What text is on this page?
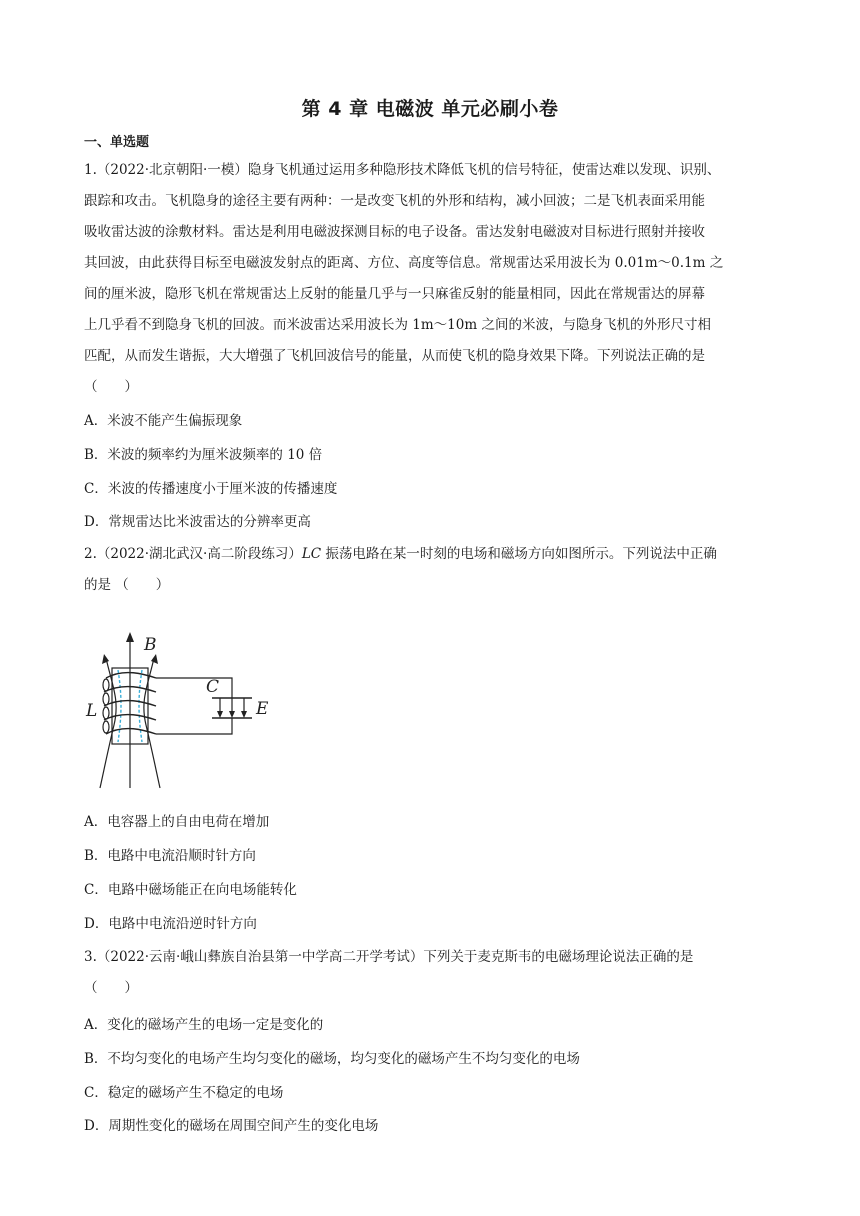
第 4 章 电磁波 单元必刷小卷
一、单选题
1.（2022·北京朝阳·一模）隐身飞机通过运用多种隐形技术降低飞机的信号特征，使雷达难以发现、识别、
跟踪和攻击。飞机隐身的途径主要有两种：一是改变飞机的外形和结构，减小回波；二是飞机表面采用能
吸收雷达波的涂敷材料。雷达是利用电磁波探测目标的电子设备。雷达发射电磁波对目标进行照射并接收
其回波，由此获得目标至电磁波发射点的距离、方位、高度等信息。常规雷达采用波长为 0.01m～0.1m 之
间的厘米波，隐形飞机在常规雷达上反射的能量几乎与一只麻雀反射的能量相同，因此在常规雷达的屏幕
上几乎看不到隐身飞机的回波。而米波雷达采用波长为 1m～10m 之间的米波，与隐身飞机的外形尺寸相
匹配，从而发生谐振，大大增强了飞机回波信号的能量，从而使飞机的隐身效果下降。下列说法正确的是
（　　）
A．米波不能产生偏振现象
B．米波的频率约为厘米波频率的 10 倍
C．米波的传播速度小于厘米波的传播速度
D．常规雷达比米波雷达的分辨率更高
2.（2022·湖北武汉·高二阶段练习）LC 振荡电路在某一时刻的电场和磁场方向如图所示。下列说法中正确
的是 （　　）
B
L
C
E
A．电容器上的自由电荷在增加
B．电路中电流沿顺时针方向
C．电路中磁场能正在向电场能转化
D．电路中电流沿逆时针方向
3.（2022·云南·峨山彝族自治县第一中学高二开学考试）下列关于麦克斯韦的电磁场理论说法正确的是
（　　）
A．变化的磁场产生的电场一定是变化的
B．不均匀变化的电场产生均匀变化的磁场，均匀变化的磁场产生不均匀变化的电场
C．稳定的磁场产生不稳定的电场
D．周期性变化的磁场在周围空间产生的变化电场
